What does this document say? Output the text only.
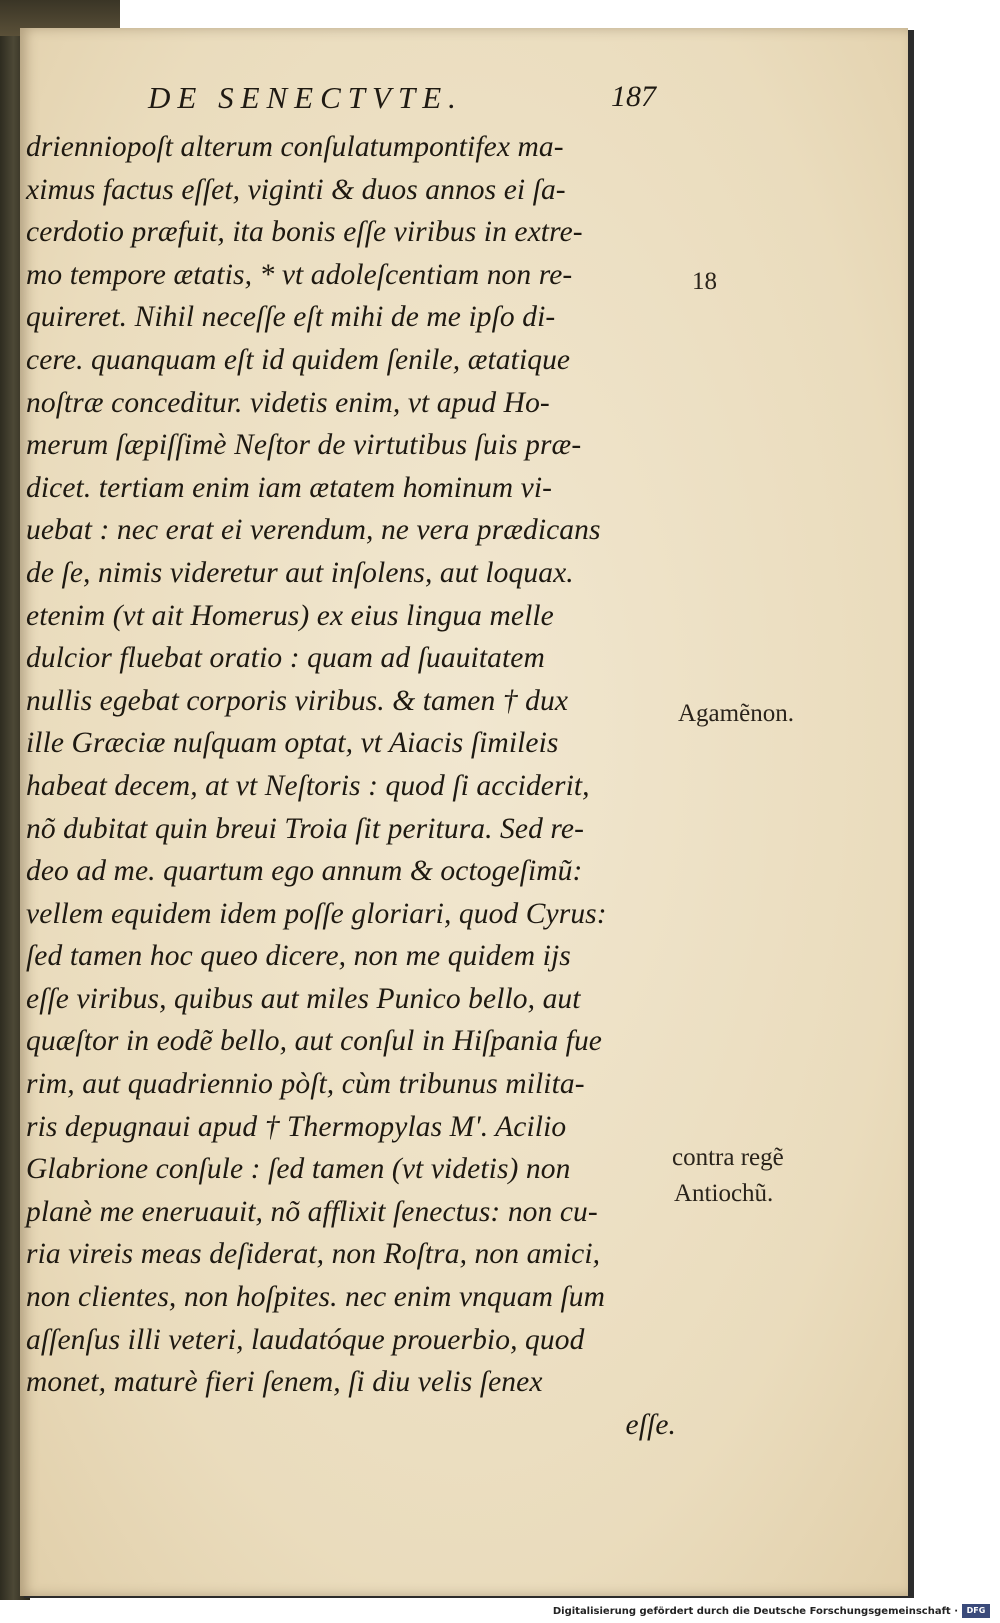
DE SENECTVTE.	187
drienniopoſt alterum conſulatumpontifex ma-
ximus factus eſſet, viginti & duos annos ei ſa-
cerdotio præfuit, ita bonis eſſe viribus in extre-
mo tempore ætatis, * vt adoleſcentiam non re-
quireret. Nihil neceſſe eſt mihi de me ipſo di-
cere. quanquam eſt id quidem ſenile, ætatique
noſtræ conceditur. videtis enim, vt apud Ho-
merum ſæpiſſimè Neſtor de virtutibus ſuis præ-
dicet. tertiam enim iam ætatem hominum vi-
uebat : nec erat ei verendum, ne vera prædicans
de ſe, nimis videretur aut inſolens, aut loquax.
etenim (vt ait Homerus) ex eius lingua melle
dulcior fluebat oratio : quam ad ſuauitatem
nullis egebat corporis viribus. & tamen † dux
ille Græciæ nuſquam optat, vt Aiacis ſimileis
habeat decem, at vt Neſtoris : quod ſi acciderit,
nõ dubitat quin breui Troia ſit peritura. Sed re-
deo ad me. quartum ego annum & octogeſimũ:
vellem equidem idem poſſe gloriari, quod Cyrus:
ſed tamen hoc queo dicere, non me quidem ijs
eſſe viribus, quibus aut miles Punico bello, aut
quæſtor in eodẽ bello, aut conſul in Hiſpania fue
rim, aut quadriennio pòſt, cùm tribunus milita-
ris depugnaui apud † Thermopylas M'. Acilio
Glabrione conſule : ſed tamen (vt videtis) non
planè me eneruauit, nõ afflixit ſenectus: non cu-
ria vireis meas deſiderat, non Roſtra, non amici,
non clientes, non hoſpites. nec enim vnquam ſum
aſſenſus illi veteri, laudatóque prouerbio, quod
monet, maturè fieri ſenem, ſi diu velis ſenex
eſſe.
18
Agamẽnon.
contra regẽ
Antiochũ.
Digitalisierung gefördert durch die Deutsche Forschungsgemeinschaft ·	DFG
